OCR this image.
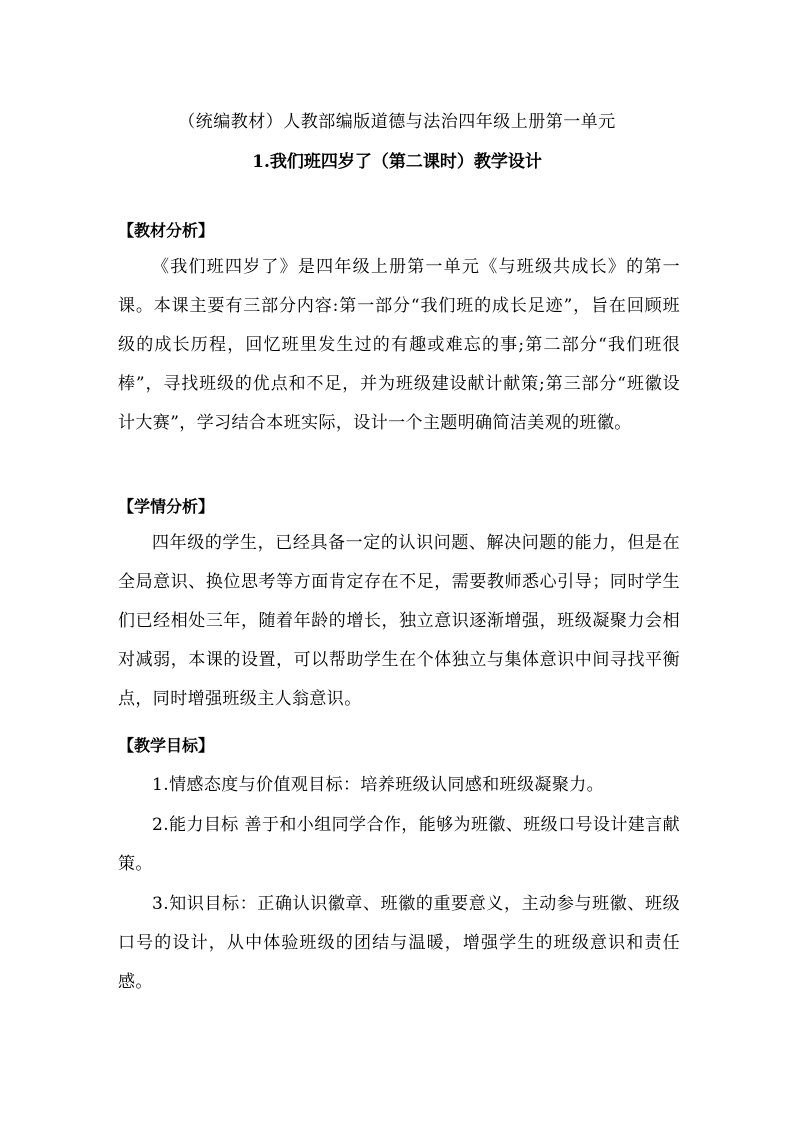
（统编教材）人教部编版道德与法治四年级上册第一单元
1.我们班四岁了（第二课时）教学设计
【教材分析】
《我们班四岁了》是四年级上册第一单元《与班级共成长》的第一课。本课主要有三部分内容:第一部分“我们班的成长足迹”，旨在回顾班级的成长历程，回忆班里发生过的有趣或难忘的事;第二部分“我们班很棒”，寻找班级的优点和不足，并为班级建设献计献策;第三部分“班徽设计大赛”，学习结合本班实际，设计一个主题明确简洁美观的班徽。
【学情分析】
四年级的学生，已经具备一定的认识问题、解决问题的能力，但是在全局意识、换位思考等方面肯定存在不足，需要教师悉心引导；同时学生们已经相处三年，随着年龄的增长，独立意识逐渐增强，班级凝聚力会相对减弱，本课的设置，可以帮助学生在个体独立与集体意识中间寻找平衡点，同时增强班级主人翁意识。
【教学目标】
1.情感态度与价值观目标：培养班级认同感和班级凝聚力。
2.能力目标 善于和小组同学合作，能够为班徽、班级口号设计建言献策。
3.知识目标：正确认识徽章、班徽的重要意义，主动参与班徽、班级口号的设计，从中体验班级的团结与温暖，增强学生的班级意识和责任感。
